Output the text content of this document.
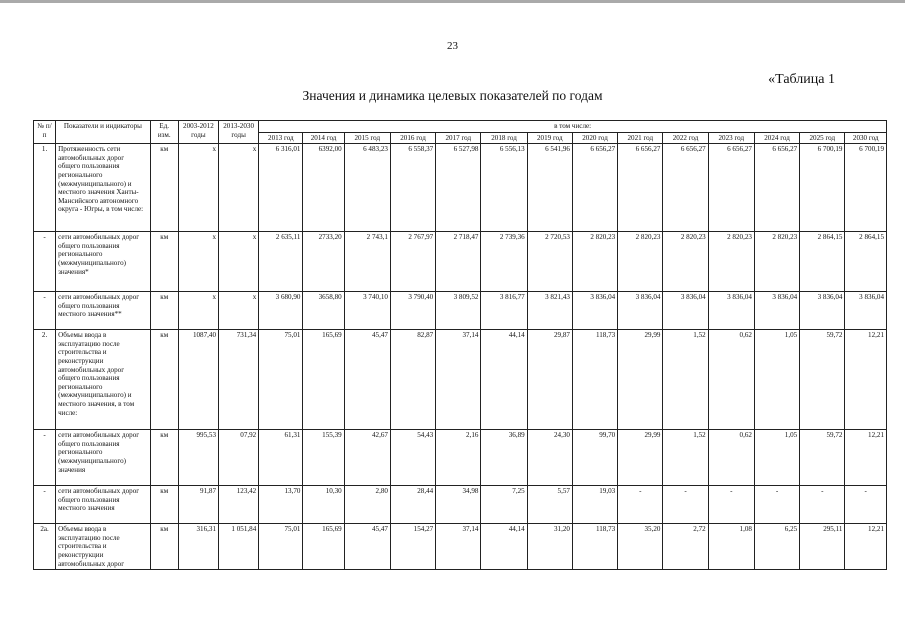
23
«Таблица 1
Значения и динамика целевых показателей по годам
№ п/п	Показатели и индикаторы	Ед. изм.	2003-2012 годы	2013-2030 годы	в том числе:													
					2013 год	2014 год	2015 год	2016 год	2017 год	2018 год	2019 год	2020 год	2021 год	2022 год	2023 год	2024 год	2025 год	2030 год
1.	Протяженность сети автомобильных дорог общего пользования регионального (межмуниципального) и местного значения Ханты-Мансийского автономного округа - Югры, в том числе:	км	x	x	6 316,01	6392,00	6 483,23	6 558,37	6 527,98	6 556,13	6 541,96	6 656,27	6 656,27	6 656,27	6 656,27	6 656,27	6 700,19	6 700,19
-	сети автомобильных дорог общего пользования регионального (межмуниципального) значения*	км	x	x	2 635,11	2733,20	2 743,1	2 767,97	2 718,47	2 739,36	2 720,53	2 820,23	2 820,23	2 820,23	2 820,23	2 820,23	2 864,15	2 864,15
-	сети автомобильных дорог общего пользования местного значения**	км	x	x	3 680,90	3658,80	3 740,10	3 790,40	3 809,52	3 816,77	3 821,43	3 836,04	3 836,04	3 836,04	3 836,04	3 836,04	3 836,04	3 836,04
2.	Объемы ввода в эксплуатацию после строительства и реконструкции автомобильных дорог общего пользования регионального (межмуниципального) и местного значения, в том числе:	км	1087,40	731,34	75,01	165,69	45,47	82,87	37,14	44,14	29,87	118,73	29,99	1,52	0,62	1,05	59,72	12,21
-	сети автомобильных дорог общего пользования регионального (межмуниципального) значения	км	995,53	07,92	61,31	155,39	42,67	54,43	2,16	36,89	24,30	99,70	29,99	1,52	0,62	1,05	59,72	12,21
-	сети автомобильных дорог общего пользования местного значения	км	91,87	123,42	13,70	10,30	2,80	28,44	34,98	7,25	5,57	19,03	-	-	-	-	-	-
2а.	Объемы ввода в эксплуатацию после строительства и реконструкции автомобильных дорог	км	316,31	1 051,84	75,01	165,69	45,47	154,27	37,14	44,14	31,20	118,73	35,20	2,72	1,08	6,25	295,11	12,21
